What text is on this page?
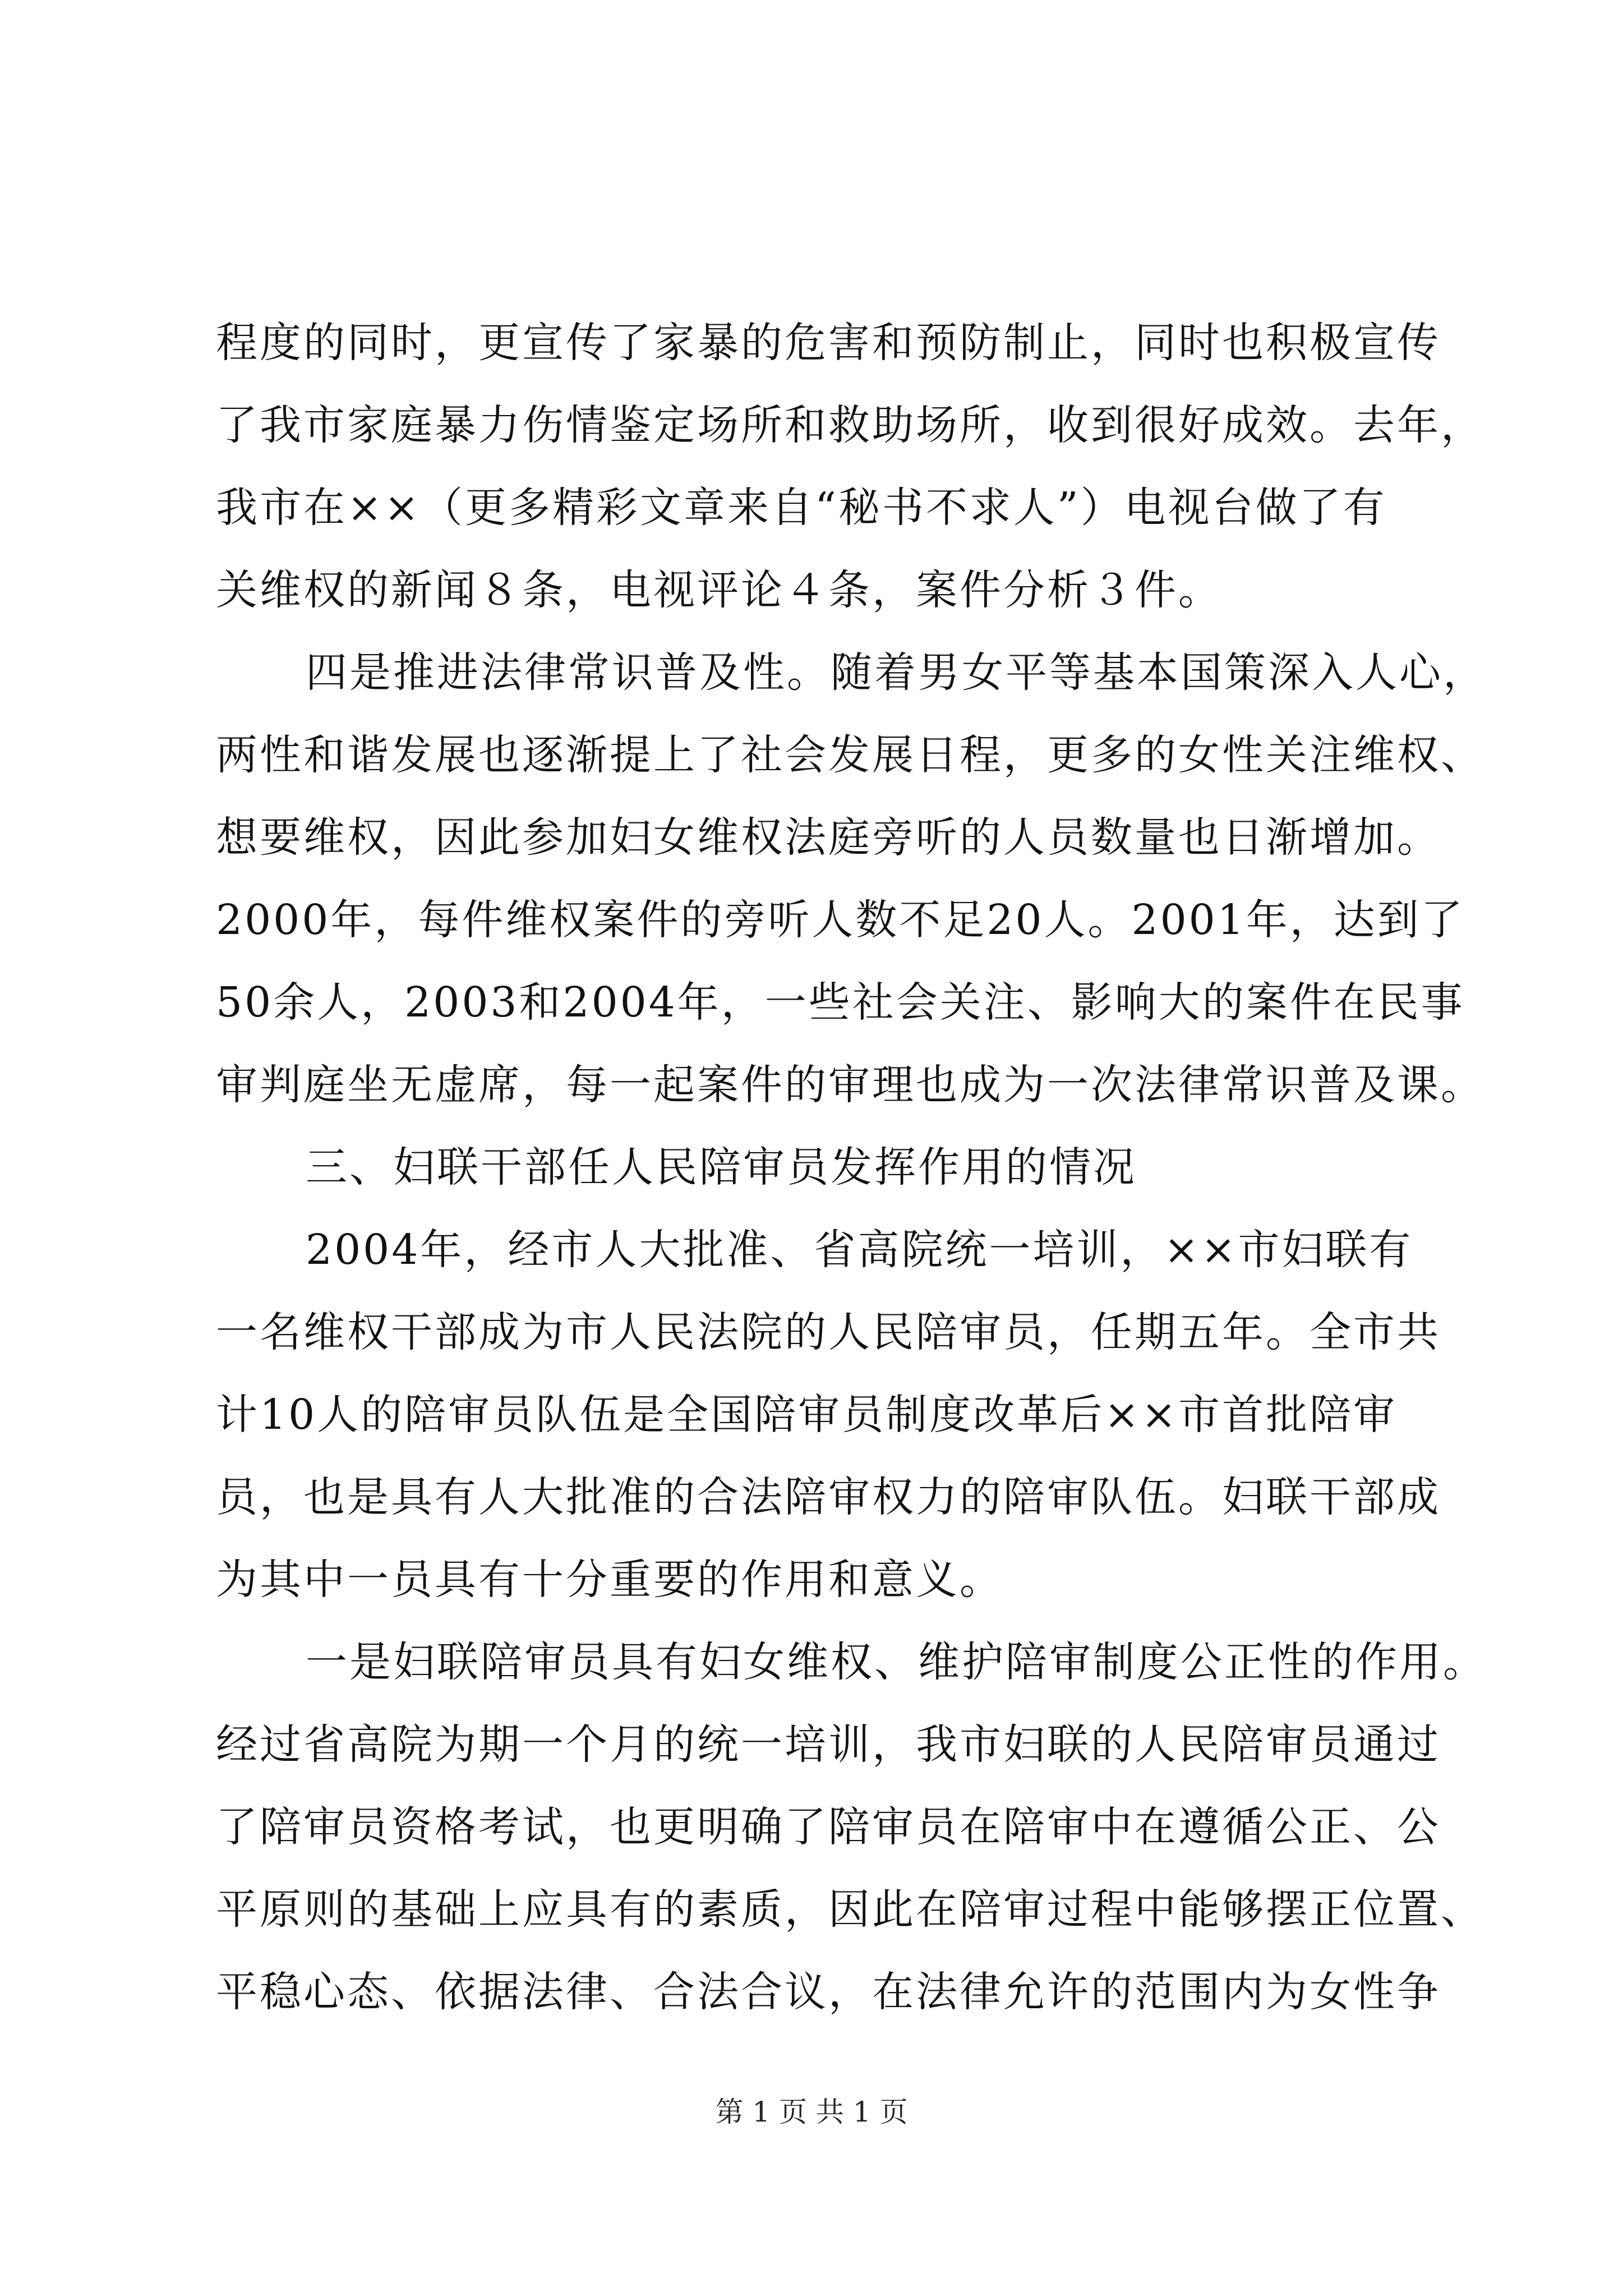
程度的同时，更宣传了家暴的危害和预防制止，同时也积极宣传
了我市家庭暴力伤情鉴定场所和救助场所，收到很好成效。去年，
我市在××（更多精彩文章来自“秘书不求人”）电视台做了有
关维权的新闻８条，电视评论４条，案件分析３件。
四是推进法律常识普及性。随着男女平等基本国策深入人心，
两性和谐发展也逐渐提上了社会发展日程，更多的女性关注维权、
想要维权，因此参加妇女维权法庭旁听的人员数量也日渐增加。
2000年，每件维权案件的旁听人数不足20人。2001年，达到了
50余人，2003和2004年，一些社会关注、影响大的案件在民事
审判庭坐无虚席，每一起案件的审理也成为一次法律常识普及课。
三、妇联干部任人民陪审员发挥作用的情况
2004年，经市人大批准、省高院统一培训，××市妇联有
一名维权干部成为市人民法院的人民陪审员，任期五年。全市共
计10人的陪审员队伍是全国陪审员制度改革后××市首批陪审
员，也是具有人大批准的合法陪审权力的陪审队伍。妇联干部成
为其中一员具有十分重要的作用和意义。
一是妇联陪审员具有妇女维权、维护陪审制度公正性的作用。
经过省高院为期一个月的统一培训，我市妇联的人民陪审员通过
了陪审员资格考试，也更明确了陪审员在陪审中在遵循公正、公
平原则的基础上应具有的素质，因此在陪审过程中能够摆正位置、
平稳心态、依据法律、合法合议，在法律允许的范围内为女性争
第 1 页 共 1 页
